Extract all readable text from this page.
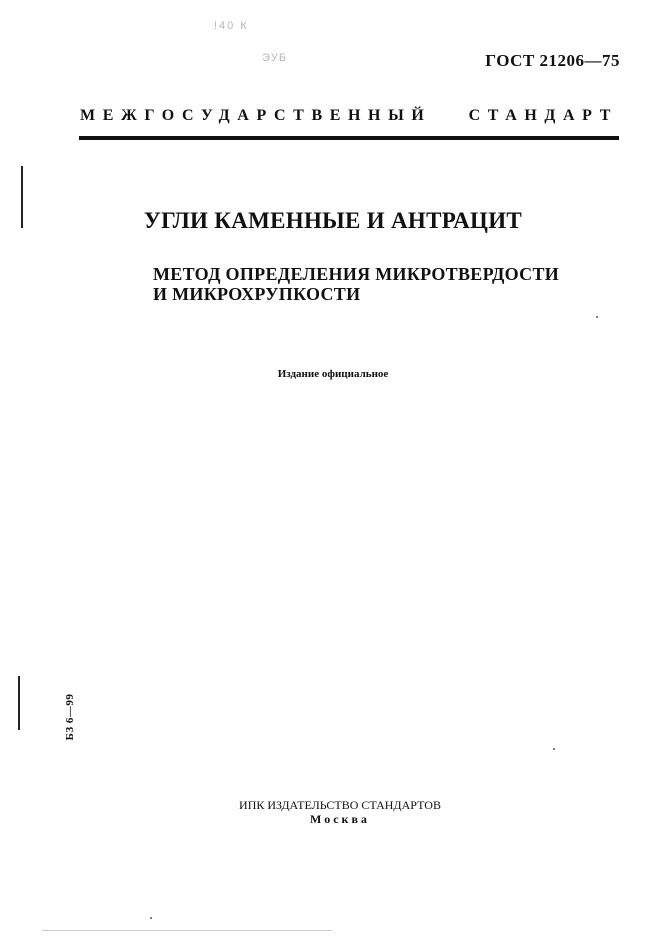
!40 К
ЭУБ	ГОСТ 21206—75
МЕЖГОСУДАРСТВЕННЫЙ СТАНДАРТ
УГЛИ КАМЕННЫЕ И АНТРАЦИТ
МЕТОД ОПРЕДЕЛЕНИЯ МИКРОТВЕРДОСТИ
И МИКРОХРУПКОСТИ
Издание официальное
БЗ 6—99
ИПК ИЗДАТЕЛЬСТВО СТАНДАРТОВ
Москва
